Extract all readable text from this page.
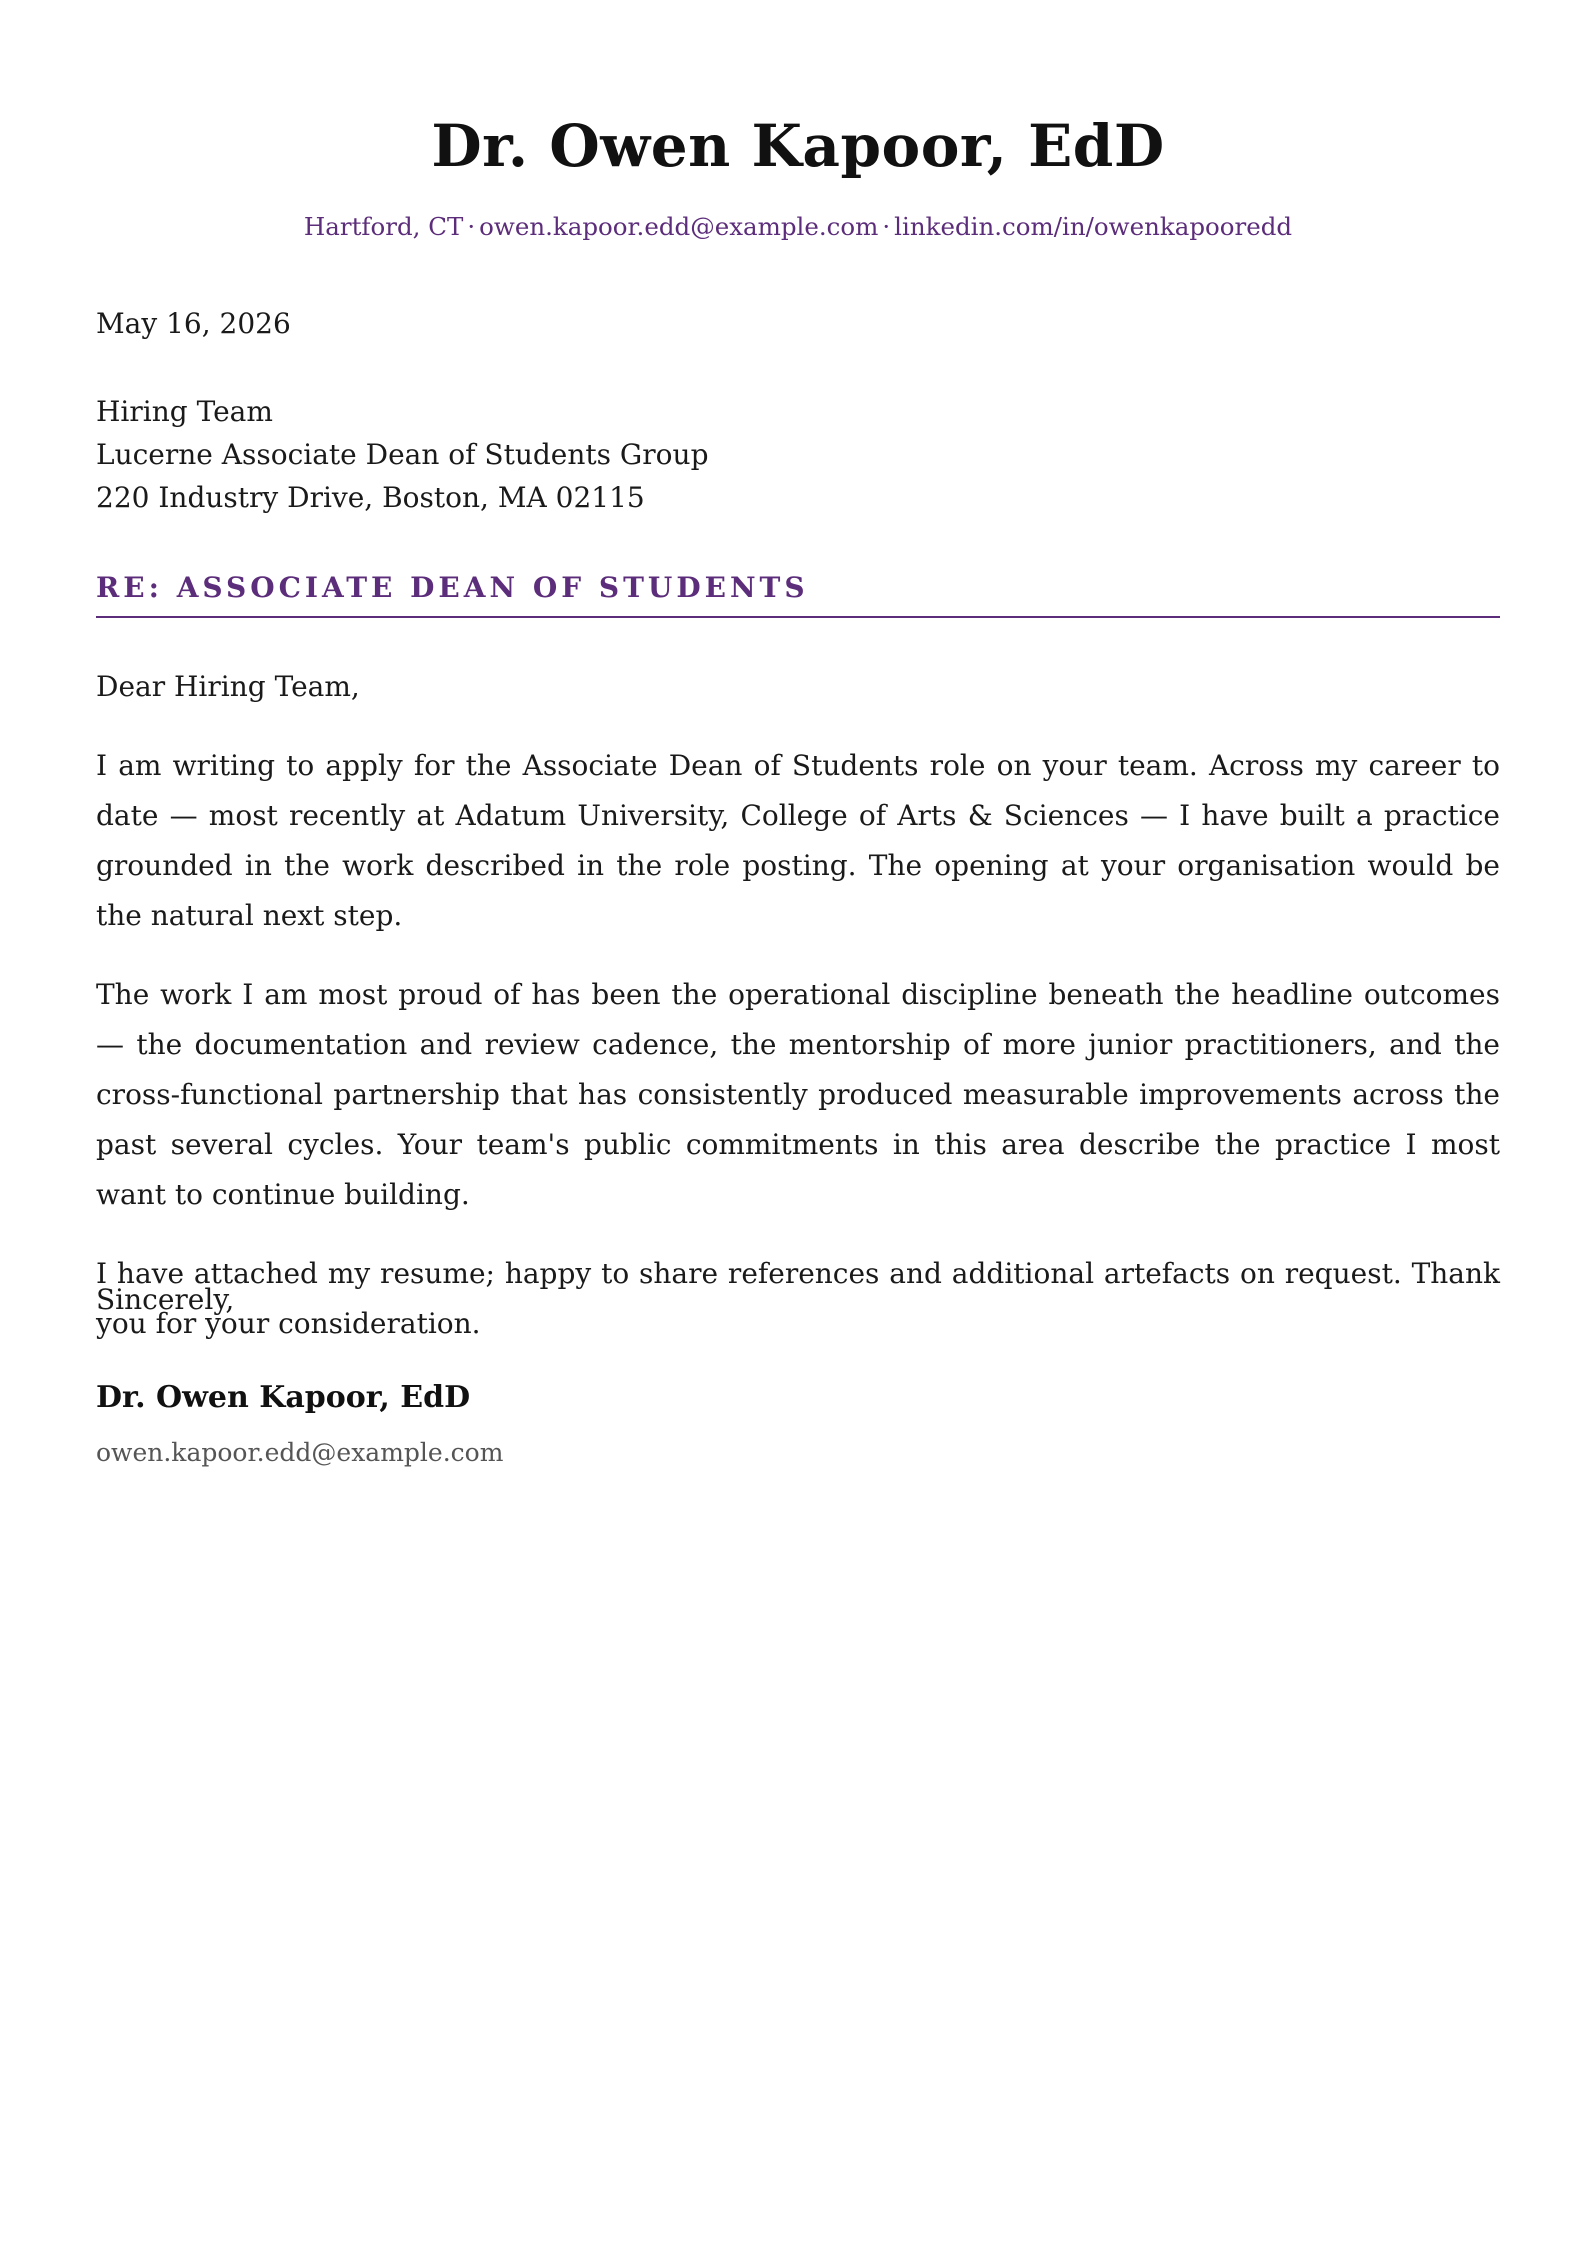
Dr. Owen Kapoor, EdD
Hartford, CT · owen.kapoor.edd@example.com · linkedin.com/in/owenkapooredd
May 16, 2026
Hiring Team
Lucerne Associate Dean of Students Group
220 Industry Drive, Boston, MA 02115
RE: ASSOCIATE DEAN OF STUDENTS

Dear Hiring Team,

I am writing to apply for the Associate Dean of Students role on your team. Across my career to date — most recently at Adatum University, College of Arts & Sciences — I have built a practice grounded in the work described in the role posting. The opening at your organisation would be the natural next step.

The work I am most proud of has been the operational discipline beneath the headline outcomes — the documentation and review cadence, the mentorship of more junior practitioners, and the cross-functional partnership that has consistently produced measurable improvements across the past several cycles. Your team's public commitments in this area describe the practice I most want to continue building.

I have attached my resume; happy to share references and additional artefacts on request. Thank you for your consideration.

Sincerely,
Dr. Owen Kapoor, EdD
owen.kapoor.edd@example.com
